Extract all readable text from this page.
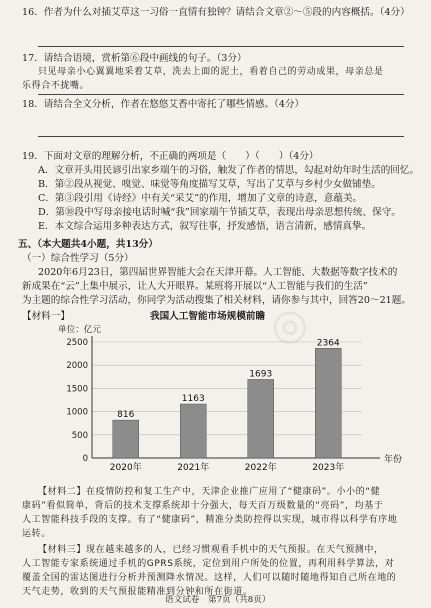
◎
16．作者为什么对插艾草这一习俗一直情有独钟？请结合文章②～⑤段的内容概括。（4分）
17．请结合语境，赏析第⑥段中画线的句子。（3分）
只见母亲小心翼翼地采着艾草，洗去上面的泥土，看着自己的劳动成果，母亲总是
乐得合不拢嘴。
18．请结合全文分析，作者在悠悠艾香中寄托了哪些情感。（4分）
19．下面对文章的理解分析，不正确的两项是（　　）（　　）（4分）
A．文章开头用民谚引出家乡端午的习俗，触发了作者的情思，勾起对幼年时生活的回忆。
B．第②段从视觉、嗅觉、味觉等角度描写艾草，写出了艾草与乡村少女做铺垫。
C．第③段引用《诗经》中有关“采艾”的作用，增加了文章的诗意，意蕴美。
D．第⑩段中写母亲接电话时喊“我”回家端午节插艾草，表现出母亲思想传统、保守。
E．本文综合运用多种表达方式，叙写往事，抒发感悟，语言清新，感情真挚。
五、（本大题共4小题，共13分）
（一）综合性学习（5分）
2020年6月23日，第四届世界智能大会在天津开幕。人工智能、大数据等数字技术的
新成果在“云”上集中展示，让人大开眼界。某班将开展以“人工智能与我们的生活”
为主题的综合性学习活动，你同学为活动搜集了相关材料，请你参与其中，回答20～21题。
【材料一】	我国人工智能市场规模前瞻
单位：亿元
0
500
1000
1500
2000
2500
816
2020年
1163
2021年
1693
2022年
2364
2023年
年份
【材料二】在疫情防控和复工生产中，天津企业推广应用了“健康码”。小小的“健
康码”看似简单，背后的技术支撑系统却十分强大，每天百万级数量的“亮码”，均基于
人工智能科技手段的支撑。有了“健康码”，精准分类防控得以实现，城市得以科学有序地
运转。
【材料三】现在越来越多的人，已经习惯观看手机中的天气预报。在天气预测中，
人工智能专家系统通过手机的GPRS系统，定位到用户所处的位置，再利用科学算法，对
覆盖全国的雷达图进行分析并预测降水情况。这样，人们可以随时随地得知自己所在地的
天气走势，收到的天气预报能精准到分钟和所在街道。
语文试卷　第7页（共8页）
